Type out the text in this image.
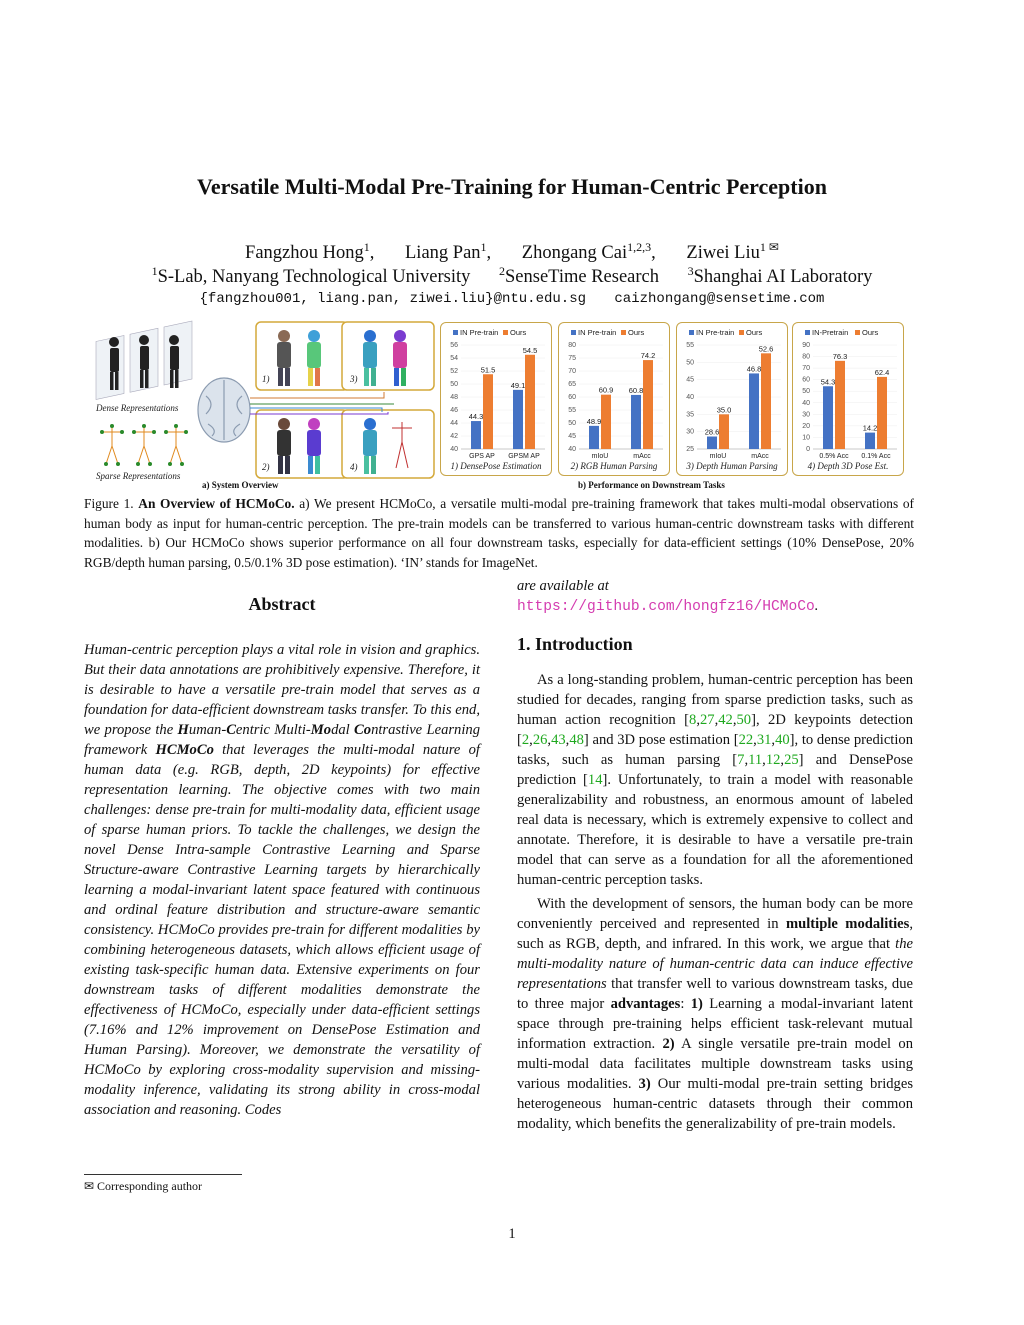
Versatile Multi-Modal Pre-Training for Human-Centric Perception
Fangzhou Hong$^1$, Liang Pan$^1$, Zhongang Cai$^{1,2,3}$, Ziwei Liu$^{1 ✉}$
$^1$S-Lab, Nanyang Technological University $^2$SenseTime Research $^3$Shanghai AI Laboratory
{fangzhou001, liang.pan, ziwei.liu}@ntu.edu.sg caizhongang@sensetime.com
Dense Representations
Sparse Representations
1)
2)
3)
4)
a) System Overview	b) Performance on Downstream Tasks
IN Pre-train Ours
40
42
44
46
48
50
52
54
56
44.3
51.5
GPS AP
49.1
54.5
GPSM AP
1) DensePose Estimation
IN Pre-train Ours
40
45
50
55
60
65
70
75
80
48.9
60.9
mIoU
60.8
74.2
mAcc
2) RGB Human Parsing
IN Pre-train Ours
25
30
35
40
45
50
55
28.6
35.0
mIoU
46.8
52.6
mAcc
3) Depth Human Parsing
IN-Pretrain Ours
0
10
20
30
40
50
60
70
80
90
54.3
76.3
0.5% Acc
14.2
62.4
0.1% Acc
4) Depth 3D Pose Est.
Figure 1. An Overview of HCMoCo. a) We present HCMoCo, a versatile multi-modal pre-training framework that takes multi-modal observations of human body as input for human-centric perception. The pre-train models can be transferred to various human-centric downstream tasks with different modalities. b) Our HCMoCo shows superior performance on all four downstream tasks, especially for data-efficient settings (10% DensePose, 20% RGB/depth human parsing, 0.5/0.1% 3D pose estimation). ‘IN’ stands for ImageNet.
Abstract
Human-centric perception plays a vital role in vision and graphics. But their data annotations are prohibitively expensive. Therefore, it is desirable to have a versatile pre-train model that serves as a foundation for data-efficient downstream tasks transfer. To this end, we propose the Human-Centric Multi-Modal Contrastive Learning framework HCMoCo that leverages the multi-modal nature of human data (e.g. RGB, depth, 2D keypoints) for effective representation learning. The objective comes with two main challenges: dense pre-train for multi-modality data, efficient usage of sparse human priors. To tackle the challenges, we design the novel Dense Intra-sample Contrastive Learning and Sparse Structure-aware Contrastive Learning targets by hierarchically learning a modal-invariant latent space featured with continuous and ordinal feature distribution and structure-aware semantic consistency. HCMoCo provides pre-train for different modalities by combining heterogeneous datasets, which allows efficient usage of existing task-specific human data. Extensive experiments on four downstream tasks of different modalities demonstrate the effectiveness of HCMoCo, especially under data-efficient settings (7.16% and 12% improvement on DensePose Estimation and Human Parsing). Moreover, we demonstrate the versatility of HCMoCo by exploring cross-modality supervision and missing-modality inference, validating its strong ability in cross-modal association and reasoning. Codes
✉ Corresponding author
are available at https://github.com/hongfz16/HCMoCo.
1. Introduction

As a long-standing problem, human-centric perception has been studied for decades, ranging from sparse prediction tasks, such as human action recognition [8,27,42,50], 2D keypoints detection [2,26,43,48] and 3D pose estimation [22,31,40], to dense prediction tasks, such as human parsing [7,11,12,25] and DensePose prediction [14]. Unfortunately, to train a model with reasonable generalizability and robustness, an enormous amount of labeled real data is necessary, which is extremely expensive to collect and annotate. Therefore, it is desirable to have a versatile pre-train model that can serve as a foundation for all the aforementioned human-centric perception tasks.

With the development of sensors, the human body can be more conveniently perceived and represented in multiple modalities, such as RGB, depth, and infrared. In this work, we argue that the multi-modality nature of human-centric data can induce effective representations that transfer well to various downstream tasks, due to three major advantages: 1) Learning a modal-invariant latent space through pre-training helps efficient task-relevant mutual information extraction. 2) A single versatile pre-train model on multi-modal data facilitates multiple downstream tasks using various modalities. 3) Our multi-modal pre-train setting bridges heterogeneous human-centric datasets through their common modality, which benefits the generalizability of pre-train models.

1
